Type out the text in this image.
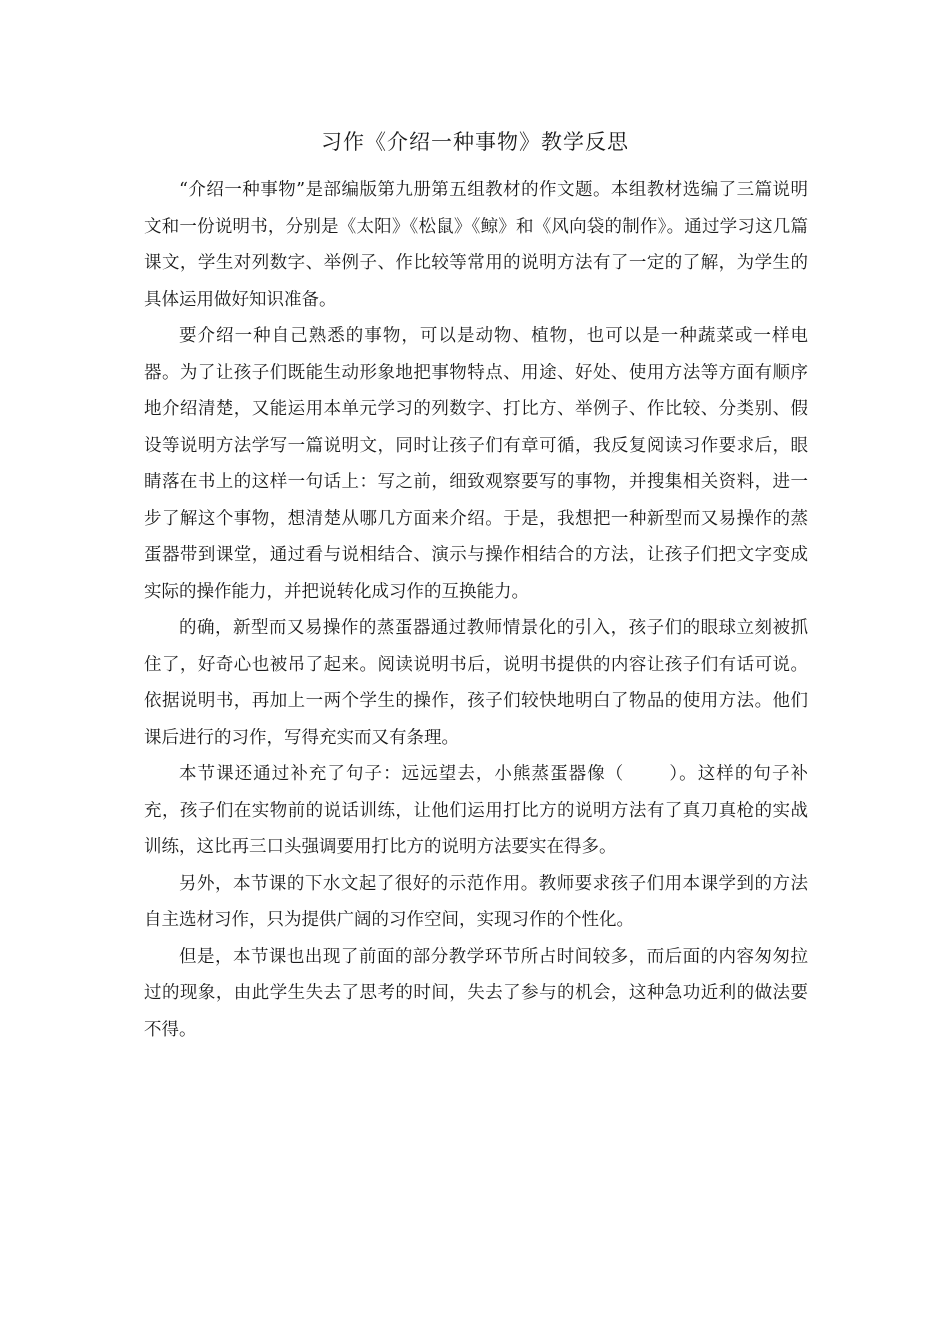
习作《介绍一种事物》教学反思

“介绍一种事物”是部编版第九册第五组教材的作文题。本组教材选编了三篇说明文和一份说明书，分别是《太阳》《松鼠》《鲸》和《风向袋的制作》。通过学习这几篇课文，学生对列数字、举例子、作比较等常用的说明方法有了一定的了解，为学生的具体运用做好知识准备。

要介绍一种自己熟悉的事物，可以是动物、植物，也可以是一种蔬菜或一样电器。为了让孩子们既能生动形象地把事物特点、用途、好处、使用方法等方面有顺序地介绍清楚，又能运用本单元学习的列数字、打比方、举例子、作比较、分类别、假设等说明方法学写一篇说明文，同时让孩子们有章可循，我反复阅读习作要求后，眼睛落在书上的这样一句话上：写之前，细致观察要写的事物，并搜集相关资料，进一步了解这个事物，想清楚从哪几方面来介绍。于是，我想把一种新型而又易操作的蒸蛋器带到课堂，通过看与说相结合、演示与操作相结合的方法，让孩子们把文字变成实际的操作能力，并把说转化成习作的互换能力。

的确，新型而又易操作的蒸蛋器通过教师情景化的引入，孩子们的眼球立刻被抓住了，好奇心也被吊了起来。阅读说明书后，说明书提供的内容让孩子们有话可说。依据说明书，再加上一两个学生的操作，孩子们较快地明白了物品的使用方法。他们课后进行的习作，写得充实而又有条理。

本节课还通过补充了句子：远远望去，小熊蒸蛋器像（	）。这样的句子补充，孩子们在实物前的说话训练，让他们运用打比方的说明方法有了真刀真枪的实战训练，这比再三口头强调要用打比方的说明方法要实在得多。

另外，本节课的下水文起了很好的示范作用。教师要求孩子们用本课学到的方法自主选材习作，只为提供广阔的习作空间，实现习作的个性化。

但是，本节课也出现了前面的部分教学环节所占时间较多，而后面的内容匆匆拉过的现象，由此学生失去了思考的时间，失去了参与的机会，这种急功近利的做法要不得。
